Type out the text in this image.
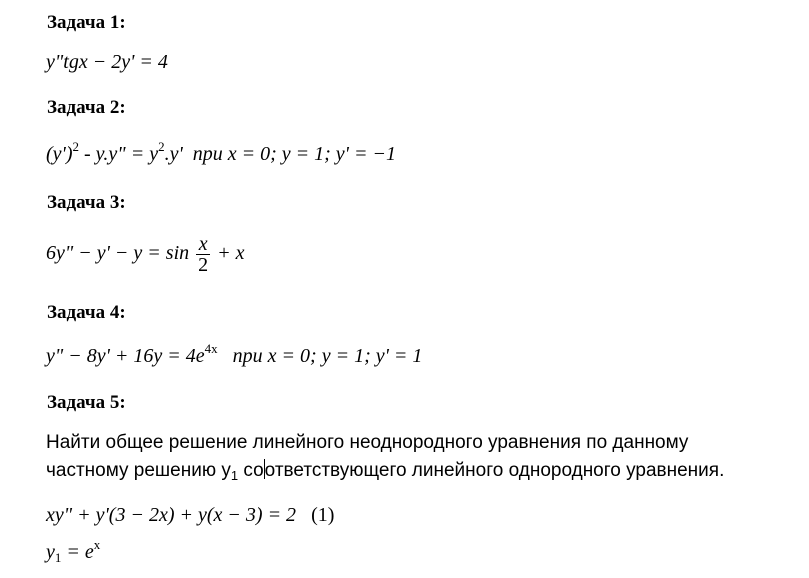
Задача 1:
y"tgx − 2y' = 4
Задача 2:
$(y')^2 - y.y$" = $y^2.y'$ при x = 0; y = 1; y' = −1
Задача 3:
6y" − $y' - y = \sin \frac{x}{2} + x$
Задача 4:
y" − $8y' + 16y = 4e^{4x}$ при x = 0; y = 1; y' = 1
Задача 5:
Найти общее решение линейного неоднородного уравнения по данному
частному решению $y_1$ соответствующего линейного однородного уравнения.
xy" + y'(3 − 2x) + y(x − 3) = 2 (1)
$y_1 = e^x$
